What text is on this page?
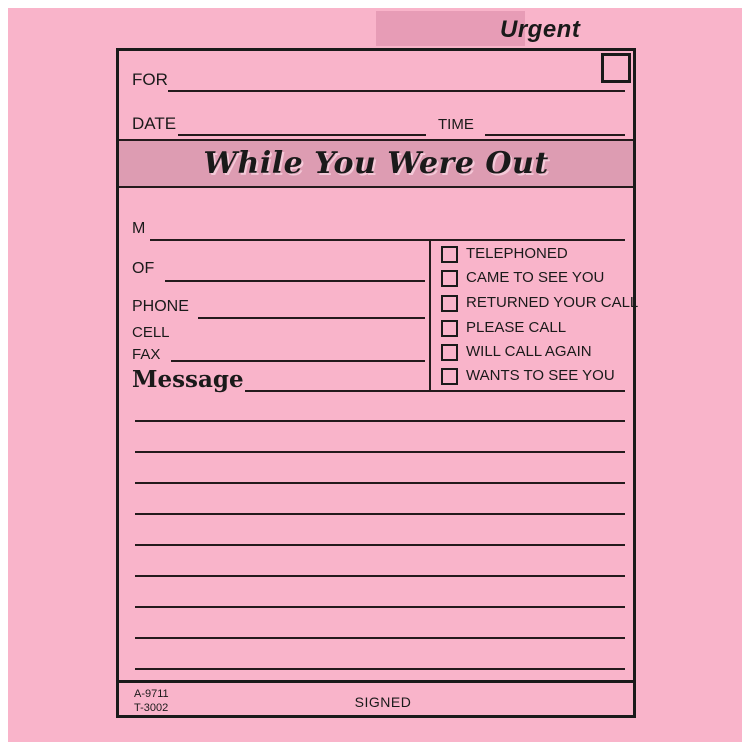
Urgent
FOR
DATE	TIME
While You Were Out
M
OF
PHONE
CELL
FAX
Message
TELEPHONED
CAME TO SEE YOU
RETURNED YOUR CALL
PLEASE CALL
WILL CALL AGAIN
WANTS TO SEE YOU
A-9711
T-3002	SIGNED
